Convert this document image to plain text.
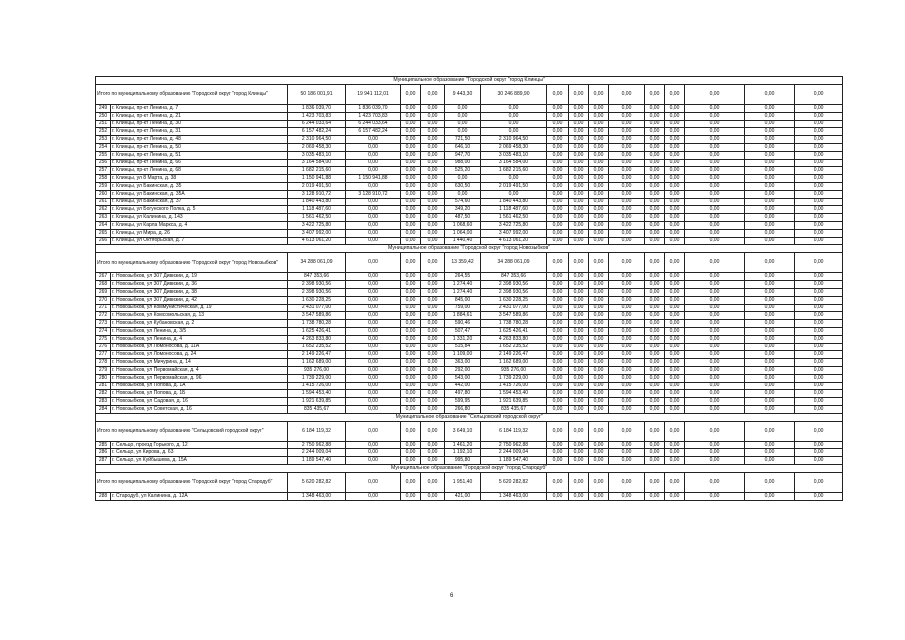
Муниципальное образование "Городской округ "город Клинцы"																
Итого по муниципальному образованию "Городской округ "город Клинцы"		50 186 001,91	19 941 112,01	0,00	0,00	9 443,30	30 246 889,90	0,00	0,00	0,00	0,00	0,00	0,00	0,00	0,00	0,00
249	г. Клинцы, пр-кт Ленина, д. 7	1 836 039,70	1 836 039,70	0,00	0,00	0,00	0,00	0,00	0,00	0,00	0,00	0,00	0,00	0,00	0,00	0,00
250	г. Клинцы, пр-кт Ленина, д. 21	1 423 703,83	1 423 703,83	0,00	0,00	0,00	0,00	0,00	0,00	0,00	0,00	0,00	0,00	0,00	0,00	0,00
251	г. Клинцы, пр-кт Ленина, д. 30	6 244 033,64	6 244 033,64	0,00	0,00	0,00	0,00	0,00	0,00	0,00	0,00	0,00	0,00	0,00	0,00	0,00
252	г. Клинцы, пр-кт Ленина, д. 31	6 157 482,24	6 157 482,24	0,00	0,00	0,00	0,00	0,00	0,00	0,00	0,00	0,00	0,00	0,00	0,00	0,00
253	г. Клинцы, пр-кт Ленина, д. 48	2 310 964,50	0,00	0,00	0,00	721,50	2 310 964,50	0,00	0,00	0,00	0,00	0,00	0,00	0,00	0,00	0,00
254	г. Клинцы, пр-кт Ленина, д. 50	2 069 458,30	0,00	0,00	0,00	646,10	2 069 458,30	0,00	0,00	0,00	0,00	0,00	0,00	0,00	0,00	0,00
255	г. Клинцы, пр-кт Ленина, д. 51	3 035 483,10	0,00	0,00	0,00	947,70	3 035 483,10	0,00	0,00	0,00	0,00	0,00	0,00	0,00	0,00	0,00
256	г. Клинцы, пр-кт Ленина, д. 66	3 164 584,00	0,00	0,00	0,00	988,00	3 164 584,00	0,00	0,00	0,00	0,00	0,00	0,00	0,00	0,00	0,00
257	г. Клинцы, пр-кт Ленина, д. 68	1 682 215,60	0,00	0,00	0,00	525,20	1 682 215,60	0,00	0,00	0,00	0,00	0,00	0,00	0,00	0,00	0,00
258	г. Клинцы, ул 8 Марта, д. 38	1 150 941,88	1 150 941,88	0,00	0,00	0,00	0,00	0,00	0,00	0,00	0,00	0,00	0,00	0,00	0,00	0,00
259	г. Клинцы, ул Бакинская, д. 35	2 019 491,50	0,00	0,00	0,00	630,50	2 019 491,50	0,00	0,00	0,00	0,00	0,00	0,00	0,00	0,00	0,00
260	г. Клинцы, ул Бакинская, д. 35А	3 128 910,72	3 128 910,72	0,00	0,00	0,00	0,00	0,00	0,00	0,00	0,00	0,00	0,00	0,00	0,00	0,00
261	г. Клинцы, ул Бакинская, д. 37	1 840 443,80	0,00	0,00	0,00	574,60	1 840 443,80	0,00	0,00	0,00	0,00	0,00	0,00	0,00	0,00	0,00
262	г. Клинцы, ул Богунского Полка, д. 5	1 118 487,60	0,00	0,00	0,00	349,20	1 118 487,60	0,00	0,00	0,00	0,00	0,00	0,00	0,00	0,00	0,00
263	г. Клинцы, ул Калинина, д. 143	1 561 462,50	0,00	0,00	0,00	487,50	1 561 462,50	0,00	0,00	0,00	0,00	0,00	0,00	0,00	0,00	0,00
264	г. Клинцы, ул Карла Маркса, д. 4	3 422 725,80	0,00	0,00	0,00	1 068,60	3 422 725,80	0,00	0,00	0,00	0,00	0,00	0,00	0,00	0,00	0,00
265	г. Клинцы, ул Мира, д. 26	3 407 992,00	0,00	0,00	0,00	1 064,00	3 407 992,00	0,00	0,00	0,00	0,00	0,00	0,00	0,00	0,00	0,00
266	г. Клинцы, ул Октябрьская, д. 7	4 613 061,20	0,00	0,00	0,00	1 440,40	4 613 061,20	0,00	0,00	0,00	0,00	0,00	0,00	0,00	0,00	0,00
Муниципальное образование "Городской округ "город Новозыбков"																
Итого по муниципальному образованию "Городской округ "город Новозыбков"		34 288 061,09	0,00	0,00	0,00	13 359,42	34 288 061,09	0,00	0,00	0,00	0,00	0,00	0,00	0,00	0,00	0,00
267	г. Новозыбков, ул 307 Дивизии, д. 19	847 353,66	0,00	0,00	0,00	264,55	847 353,66	0,00	0,00	0,00	0,00	0,00	0,00	0,00	0,00	0,00
268	г. Новозыбков, ул 307 Дивизии, д. 36	2 398 930,56	0,00	0,00	0,00	1 274,40	2 398 930,56	0,00	0,00	0,00	0,00	0,00	0,00	0,00	0,00	0,00
269	г. Новозыбков, ул 307 Дивизии, д. 38	2 398 930,56	0,00	0,00	0,00	1 274,40	2 398 930,56	0,00	0,00	0,00	0,00	0,00	0,00	0,00	0,00	0,00
270	г. Новозыбков, ул 307 Дивизии, д. 42	1 630 228,25	0,00	0,00	0,00	845,00	1 630 228,25	0,00	0,00	0,00	0,00	0,00	0,00	0,00	0,00	0,00
271	г. Новозыбков, ул Коммунистическая, д. 19	2 431 077,00	0,00	0,00	0,00	759,00	2 431 077,00	0,00	0,00	0,00	0,00	0,00	0,00	0,00	0,00	0,00
272	г. Новозыбков, ул Комсомольская, д. 13	3 547 589,86	0,00	0,00	0,00	1 884,61	3 547 589,86	0,00	0,00	0,00	0,00	0,00	0,00	0,00	0,00	0,00
273	г. Новозыбков, ул Кубановская, д. 2	1 738 780,28	0,00	0,00	0,00	590,46	1 738 780,28	0,00	0,00	0,00	0,00	0,00	0,00	0,00	0,00	0,00
274	г. Новозыбков, ул Ленина, д. 3/5	1 625 426,41	0,00	0,00	0,00	507,47	1 625 426,41	0,00	0,00	0,00	0,00	0,00	0,00	0,00	0,00	0,00
275	г. Новозыбков, ул Ленина, д. 4	4 263 833,80	0,00	0,00	0,00	1 331,20	4 263 833,80	0,00	0,00	0,00	0,00	0,00	0,00	0,00	0,00	0,00
276	г. Новозыбков, ул Ломоносова, д. 11А	1 652 235,52	0,00	0,00	0,00	515,84	1 652 235,52	0,00	0,00	0,00	0,00	0,00	0,00	0,00	0,00	0,00
277	г. Новозыбков, ул Ломоносова, д. 24	2 149 226,47	0,00	0,00	0,00	1 109,00	2 149 226,47	0,00	0,00	0,00	0,00	0,00	0,00	0,00	0,00	0,00
278	г. Новозыбков, ул Мичурина, д. 14	1 162 689,00	0,00	0,00	0,00	363,00	1 162 689,00	0,00	0,00	0,00	0,00	0,00	0,00	0,00	0,00	0,00
279	г. Новозыбков, ул Первомайская, д. 4	935 276,00	0,00	0,00	0,00	292,00	935 276,00	0,00	0,00	0,00	0,00	0,00	0,00	0,00	0,00	0,00
280	г. Новозыбков, ул Первомайская, д. 96	1 739 229,00	0,00	0,00	0,00	543,00	1 739 229,00	0,00	0,00	0,00	0,00	0,00	0,00	0,00	0,00	0,00
281	г. Новозыбков, ул Попова, д. 1А	1 415 726,00	0,00	0,00	0,00	442,00	1 415 726,00	0,00	0,00	0,00	0,00	0,00	0,00	0,00	0,00	0,00
282	г. Новозыбков, ул Попова, д. 1Б	1 594 453,40	0,00	0,00	0,00	497,80	1 594 453,40	0,00	0,00	0,00	0,00	0,00	0,00	0,00	0,00	0,00
283	г. Новозыбков, ул Садовая, д. 16	1 921 639,85	0,00	0,00	0,00	599,95	1 921 639,85	0,00	0,00	0,00	0,00	0,00	0,00	0,00	0,00	0,00
284	г. Новозыбков, ул Советская, д. 16	835 435,67	0,00	0,00	0,00	266,80	835 435,67	0,00	0,00	0,00	0,00	0,00	0,00	0,00	0,00	0,00
Муниципальное образование "Сельцовский городской округ"																
Итого по муниципальному образованию "Сельцовский городской округ"		6 184 119,32	0,00	0,00	0,00	3 649,10	6 184 119,32	0,00	0,00	0,00	0,00	0,00	0,00	0,00	0,00	0,00
285	г. Сельцо, проезд Горького, д. 12	2 750 962,88	0,00	0,00	0,00	1 461,20	2 750 962,88	0,00	0,00	0,00	0,00	0,00	0,00	0,00	0,00	0,00
286	г. Сельцо, ул Кирова, д. 63	2 244 009,04	0,00	0,00	0,00	1 192,10	2 244 009,04	0,00	0,00	0,00	0,00	0,00	0,00	0,00	0,00	0,00
287	г. Сельцо, ул Куйбышева, д. 15А	1 189 547,40	0,00	0,00	0,00	995,80	1 189 547,40	0,00	0,00	0,00	0,00	0,00	0,00	0,00	0,00	0,00
Муниципальное образование "Городской округ "город Стародуб"																
Итого по муниципальному образованию "Городской округ "город Стародуб"		5 620 282,82	0,00	0,00	0,00	1 951,40	5 620 282,82	0,00	0,00	0,00	0,00	0,00	0,00	0,00	0,00	0,00
288	г. Стародуб, ул Калинина, д. 12А	1 348 463,00	0,00	0,00	0,00	421,00	1 348 463,00	0,00	0,00	0,00	0,00	0,00	0,00	0,00	0,00	0,00
6
